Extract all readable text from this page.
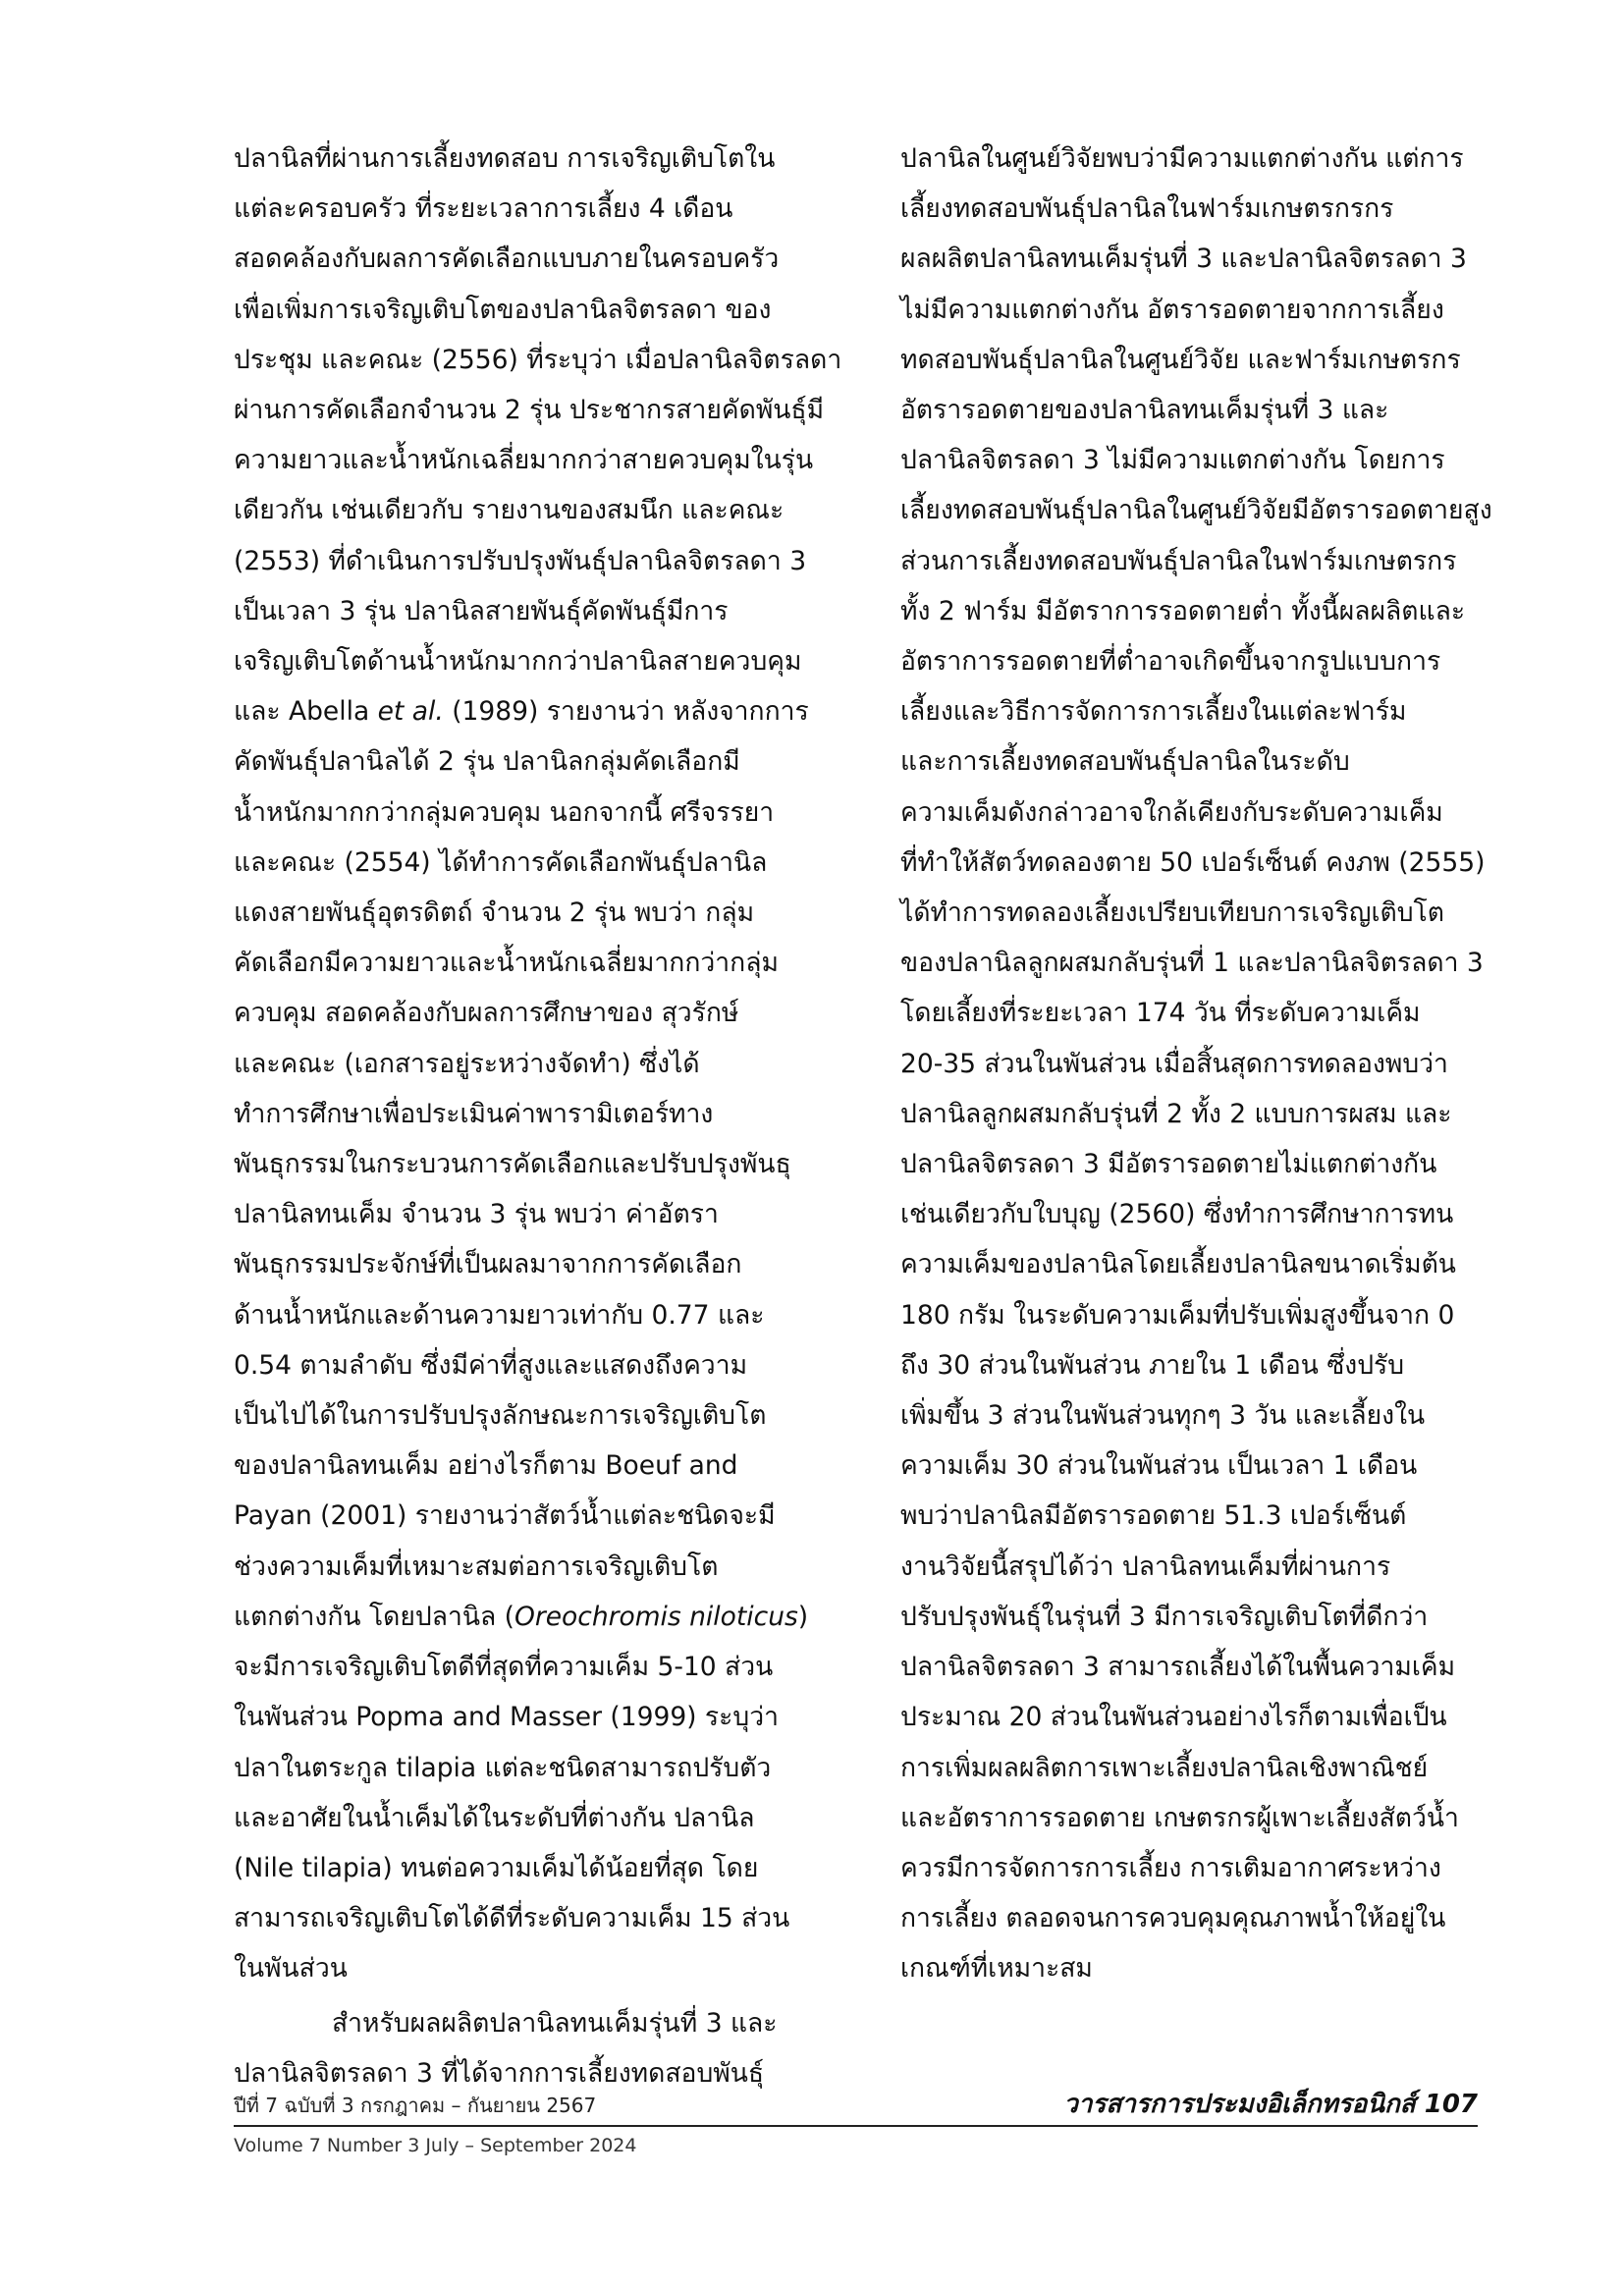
ปลานิลที่ผ่านการเลี้ยงทดสอบ การเจริญเติบโตใน
แต่ละครอบครัว ที่ระยะเวลาการเลี้ยง 4 เดือน
สอดคล้องกับผลการคัดเลือกแบบภายในครอบครัว
เพื่อเพิ่มการเจริญเติบโตของปลานิลจิตรลดา ของ
ประชุม และคณะ (2556) ที่ระบุว่า เมื่อปลานิลจิตรลดา
ผ่านการคัดเลือกจำนวน 2 รุ่น ประชากรสายคัดพันธุ์มี
ความยาวและน้ำหนักเฉลี่ยมากกว่าสายควบคุมในรุ่น
เดียวกัน เช่นเดียวกับ รายงานของสมนึก และคณะ
(2553) ที่ดำเนินการปรับปรุงพันธุ์ปลานิลจิตรลดา 3
เป็นเวลา 3 รุ่น ปลานิลสายพันธุ์คัดพันธุ์มีการ
เจริญเติบโตด้านน้ำหนักมากกว่าปลานิลสายควบคุม
และ Abella et al. (1989) รายงานว่า หลังจากการ
คัดพันธุ์ปลานิลได้ 2 รุ่น ปลานิลกลุ่มคัดเลือกมี
น้ำหนักมากกว่ากลุ่มควบคุม นอกจากนี้ ศรีจรรยา
และคณะ (2554) ได้ทำการคัดเลือกพันธุ์ปลานิล
แดงสายพันธุ์อุตรดิตถ์ จำนวน 2 รุ่น พบว่า กลุ่ม
คัดเลือกมีความยาวและน้ำหนักเฉลี่ยมากกว่ากลุ่ม
ควบคุม สอดคล้องกับผลการศึกษาของ สุวรักษ์
และคณะ (เอกสารอยู่ระหว่างจัดทำ) ซึ่งได้
ทำการศึกษาเพื่อประเมินค่าพารามิเตอร์ทาง
พันธุกรรมในกระบวนการคัดเลือกและปรับปรุงพันธุ
ปลานิลทนเค็ม จำนวน 3 รุ่น พบว่า ค่าอัตรา
พันธุกรรมประจักษ์ที่เป็นผลมาจากการคัดเลือก
ด้านน้ำหนักและด้านความยาวเท่ากับ 0.77 และ
0.54 ตามลำดับ ซึ่งมีค่าที่สูงและแสดงถึงความ
เป็นไปได้ในการปรับปรุงลักษณะการเจริญเติบโต
ของปลานิลทนเค็ม อย่างไรก็ตาม Boeuf and
Payan (2001) รายงานว่าสัตว์น้ำแต่ละชนิดจะมี
ช่วงความเค็มที่เหมาะสมต่อการเจริญเติบโต
แตกต่างกัน โดยปลานิล (Oreochromis niloticus)
จะมีการเจริญเติบโตดีที่สุดที่ความเค็ม 5-10 ส่วน
ในพันส่วน Popma and Masser (1999) ระบุว่า
ปลาในตระกูล tilapia แต่ละชนิดสามารถปรับตัว
และอาศัยในน้ำเค็มได้ในระดับที่ต่างกัน ปลานิล
(Nile tilapia) ทนต่อความเค็มได้น้อยที่สุด โดย
สามารถเจริญเติบโตได้ดีที่ระดับความเค็ม 15 ส่วน
ในพันส่วน
สำหรับผลผลิตปลานิลทนเค็มรุ่นที่ 3 และ
ปลานิลจิตรลดา 3 ที่ได้จากการเลี้ยงทดสอบพันธุ์
ปลานิลในศูนย์วิจัยพบว่ามีความแตกต่างกัน แต่การ
เลี้ยงทดสอบพันธุ์ปลานิลในฟาร์มเกษตรกรกร
ผลผลิตปลานิลทนเค็มรุ่นที่ 3 และปลานิลจิตรลดา 3
ไม่มีความแตกต่างกัน อัตรารอดตายจากการเลี้ยง
ทดสอบพันธุ์ปลานิลในศูนย์วิจัย และฟาร์มเกษตรกร
อัตรารอดตายของปลานิลทนเค็มรุ่นที่ 3 และ
ปลานิลจิตรลดา 3 ไม่มีความแตกต่างกัน โดยการ
เลี้ยงทดสอบพันธุ์ปลานิลในศูนย์วิจัยมีอัตรารอดตายสูง
ส่วนการเลี้ยงทดสอบพันธุ์ปลานิลในฟาร์มเกษตรกร
ทั้ง 2 ฟาร์ม มีอัตราการรอดตายต่ำ ทั้งนี้ผลผลิตและ
อัตราการรอดตายที่ต่ำอาจเกิดขึ้นจากรูปแบบการ
เลี้ยงและวิธีการจัดการการเลี้ยงในแต่ละฟาร์ม
และการเลี้ยงทดสอบพันธุ์ปลานิลในระดับ
ความเค็มดังกล่าวอาจใกล้เคียงกับระดับความเค็ม
ที่ทำให้สัตว์ทดลองตาย 50 เปอร์เซ็นต์ คงภพ (2555)
ได้ทำการทดลองเลี้ยงเปรียบเทียบการเจริญเติบโต
ของปลานิลลูกผสมกลับรุ่นที่ 1 และปลานิลจิตรลดา 3
โดยเลี้ยงที่ระยะเวลา 174 วัน ที่ระดับความเค็ม
20-35 ส่วนในพันส่วน เมื่อสิ้นสุดการทดลองพบว่า
ปลานิลลูกผสมกลับรุ่นที่ 2 ทั้ง 2 แบบการผสม และ
ปลานิลจิตรลดา 3 มีอัตรารอดตายไม่แตกต่างกัน
เช่นเดียวกับใบบุญ (2560) ซึ่งทำการศึกษาการทน
ความเค็มของปลานิลโดยเลี้ยงปลานิลขนาดเริ่มต้น
180 กรัม ในระดับความเค็มที่ปรับเพิ่มสูงขึ้นจาก 0
ถึง 30 ส่วนในพันส่วน ภายใน 1 เดือน ซึ่งปรับ
เพิ่มขึ้น 3 ส่วนในพันส่วนทุกๆ 3 วัน และเลี้ยงใน
ความเค็ม 30 ส่วนในพันส่วน เป็นเวลา 1 เดือน
พบว่าปลานิลมีอัตรารอดตาย 51.3 เปอร์เซ็นต์
งานวิจัยนี้สรุปได้ว่า ปลานิลทนเค็มที่ผ่านการ
ปรับปรุงพันธุ์ในรุ่นที่ 3 มีการเจริญเติบโตที่ดีกว่า
ปลานิลจิตรลดา 3 สามารถเลี้ยงได้ในพื้นความเค็ม
ประมาณ 20 ส่วนในพันส่วนอย่างไรก็ตามเพื่อเป็น
การเพิ่มผลผลิตการเพาะเลี้ยงปลานิลเชิงพาณิชย์
และอัตราการรอดตาย เกษตรกรผู้เพาะเลี้ยงสัตว์น้ำ
ควรมีการจัดการการเลี้ยง การเติมอากาศระหว่าง
การเลี้ยง ตลอดจนการควบคุมคุณภาพน้ำให้อยู่ใน
เกณฑ์ที่เหมาะสม
ปีที่ 7 ฉบับที่ 3 กรกฎาคม – กันยายน 2567
Volume 7 Number 3 July – September 2024
วารสารการประมงอิเล็กทรอนิกส์ 107
